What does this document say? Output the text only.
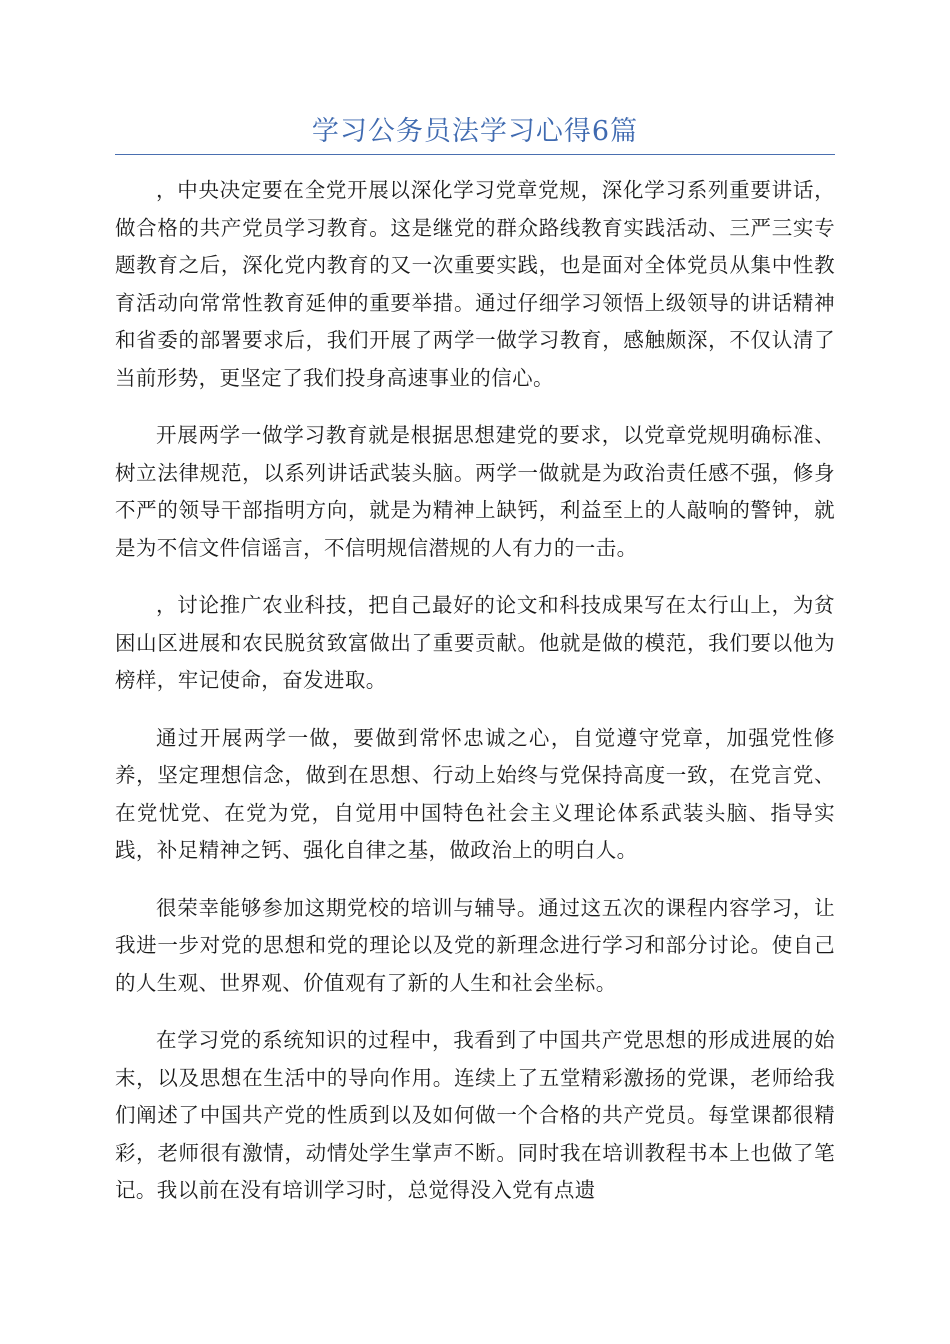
学习公务员法学习心得6篇

，中央决定要在全党开展以深化学习党章党规，深化学习系列重要讲话，做合格的共产党员学习教育。这是继党的群众路线教育实践活动、三严三实专题教育之后，深化党内教育的又一次重要实践，也是面对全体党员从集中性教育活动向常常性教育延伸的重要举措。通过仔细学习领悟上级领导的讲话精神和省委的部署要求后，我们开展了两学一做学习教育，感触颇深，不仅认清了当前形势，更坚定了我们投身高速事业的信心。

开展两学一做学习教育就是根据思想建党的要求，以党章党规明确标准、树立法律规范，以系列讲话武装头脑。两学一做就是为政治责任感不强，修身不严的领导干部指明方向，就是为精神上缺钙，利益至上的人敲响的警钟，就是为不信文件信谣言，不信明规信潜规的人有力的一击。

，讨论推广农业科技，把自己最好的论文和科技成果写在太行山上，为贫困山区进展和农民脱贫致富做出了重要贡献。他就是做的模范，我们要以他为榜样，牢记使命，奋发进取。

通过开展两学一做，要做到常怀忠诚之心，自觉遵守党章，加强党性修养，坚定理想信念，做到在思想、行动上始终与党保持高度一致，在党言党、在党忧党、在党为党，自觉用中国特色社会主义理论体系武装头脑、指导实践，补足精神之钙、强化自律之基，做政治上的明白人。

很荣幸能够参加这期党校的培训与辅导。通过这五次的课程内容学习，让我进一步对党的思想和党的理论以及党的新理念进行学习和部分讨论。使自己的人生观、世界观、价值观有了新的人生和社会坐标。

在学习党的系统知识的过程中，我看到了中国共产党思想的形成进展的始末，以及思想在生活中的导向作用。连续上了五堂精彩激扬的党课，老师给我们阐述了中国共产党的性质到以及如何做一个合格的共产党员。每堂课都很精彩，老师很有激情，动情处学生掌声不断。同时我在培训教程书本上也做了笔记。我以前在没有培训学习时，总觉得没入党有点遗
